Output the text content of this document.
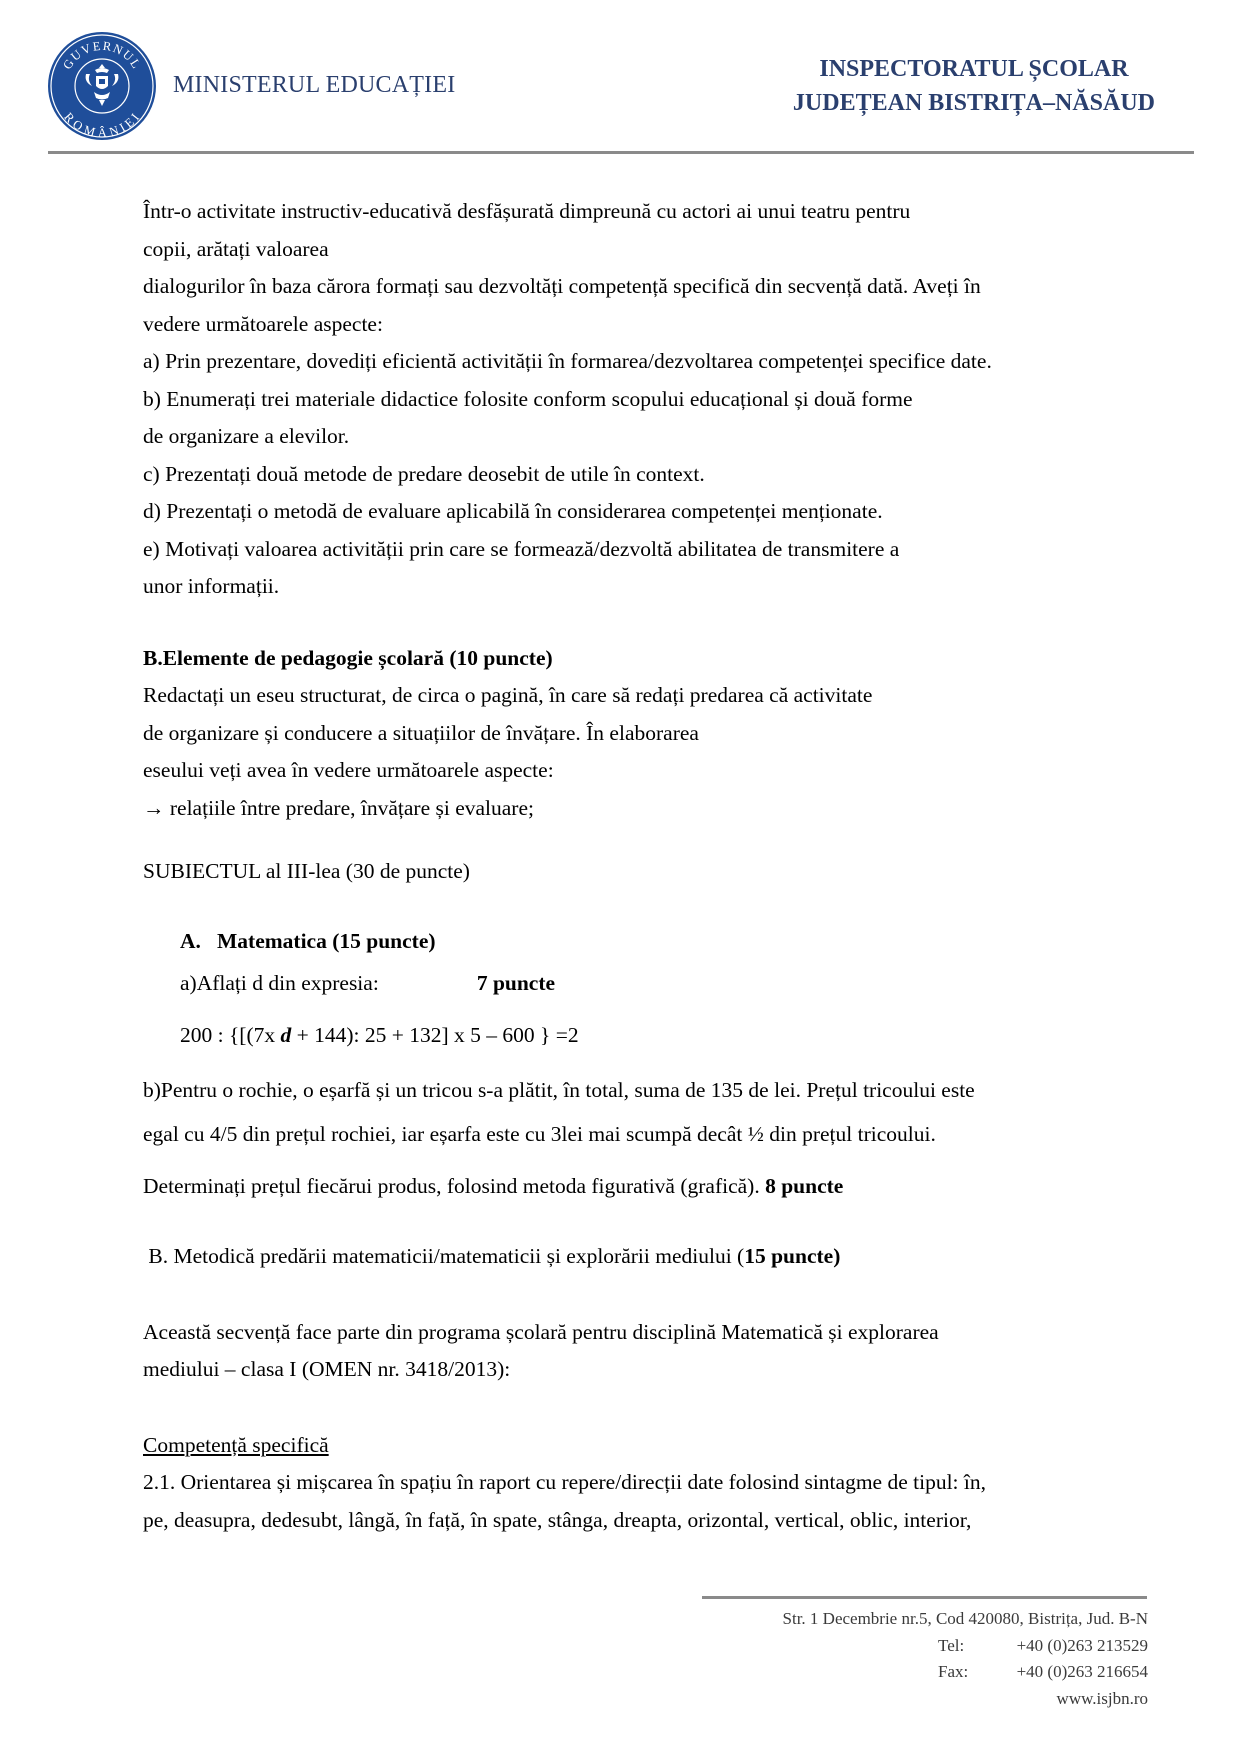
GUVERNUL
ROMÂNIEI
MINISTERUL EDUCAȚIEI
INSPECTORATUL ȘCOLAR
JUDEȚEAN BISTRIȚA–NĂSĂUD

Într-o activitate instructiv-educativă desfășurată dimpreună cu actori ai unui teatru pentru

copii, arătați valoarea

dialogurilor în baza cărora formați sau dezvoltăți competență specifică din secvență dată. Aveți în

vedere următoarele aspecte:

a) Prin prezentare, dovediți eficientă activității în formarea/dezvoltarea competenței specifice date.

b) Enumerați trei materiale didactice folosite conform scopului educațional și două forme

de organizare a elevilor.

c) Prezentați două metode de predare deosebit de utile în context.

d) Prezentați o metodă de evaluare aplicabilă în considerarea competenței menționate.

e) Motivați valoarea activității prin care se formează/dezvoltă abilitatea de transmitere a

unor informații.

B.Elemente de pedagogie școlară (10 puncte)

Redactați un eseu structurat, de circa o pagină, în care să redați predarea că activitate

de organizare și conducere a situațiilor de învățare. În elaborarea

eseului veți avea în vedere următoarele aspecte:

→ relațiile între predare, învățare și evaluare;

SUBIECTUL al III-lea (30 de puncte)

A. Matematica (15 puncte)

a)Aflați d din expresia:	7 puncte

200 : {[(7x d + 144): 25 + 132] x 5 – 600 } =2

b)Pentru o rochie, o eșarfă și un tricou s-a plătit, în total, suma de 135 de lei. Prețul tricoului este

egal cu 4/5 din prețul rochiei, iar eșarfa este cu 3lei mai scumpă decât ½ din prețul tricoului.

Determinați prețul fiecărui produs, folosind metoda figurativă (grafică). 8 puncte

B. Metodică predării matematicii/matematicii și explorării mediului (15 puncte)

Această secvență face parte din programa școlară pentru disciplină Matematică și explorarea

mediului – clasa I (OMEN nr. 3418/2013):

Competență specifică

2.1. Orientarea și mișcarea în spațiu în raport cu repere/direcții date folosind sintagme de tipul: în,

pe, deasupra, dedesubt, lângă, în față, în spate, stânga, dreapta, orizontal, vertical, oblic, interior,

Str. 1 Decembrie nr.5, Cod 420080, Bistrița, Jud. B-N
Tel:	+40 (0)263 213529
Fax:	+40 (0)263 216654
www.isjbn.ro
